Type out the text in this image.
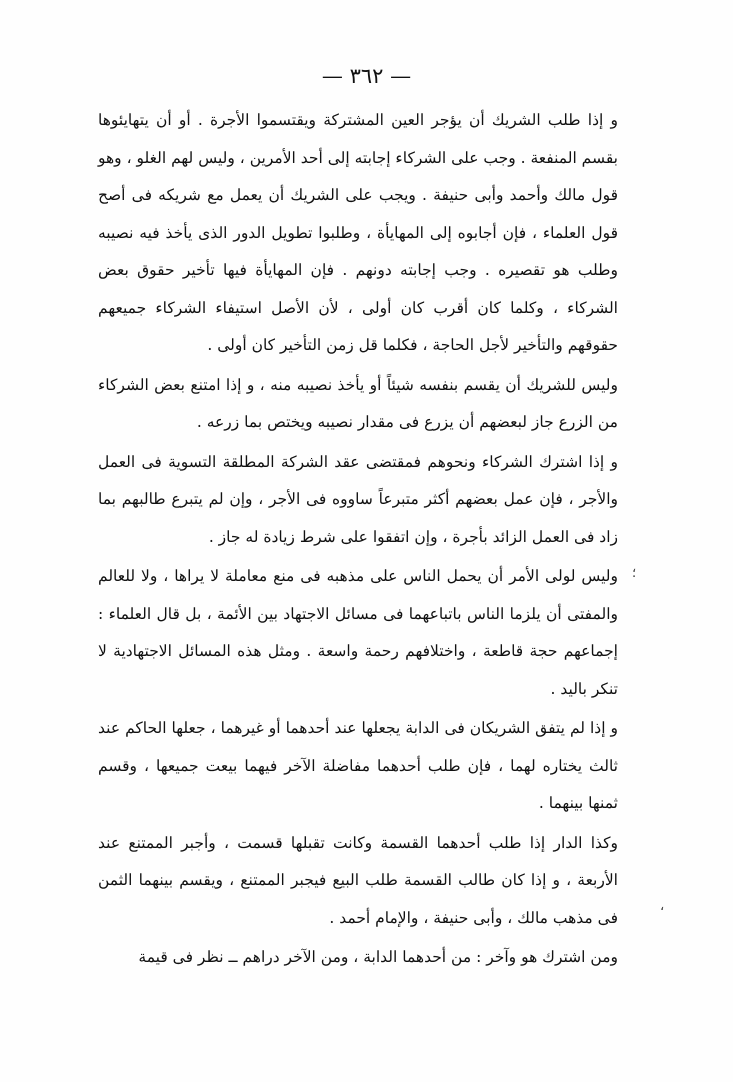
— ٣٦٢ —

و إذا طلب الشريك أن يؤجر العين المشتركة ويقتسموا الأجرة . أو أن يتهايئوها بقسم المنفعة . وجب على الشركاء إجابته إلى أحد الأمرين ، وليس لهم الغلو ، وهو قول مالك وأحمد وأبى حنيفة . ويجب على الشريك أن يعمل مع شريكه فى أصح قول العلماء ، فإن أجابوه إلى المهايأة ، وطلبوا تطويل الدور الذى يأخذ فيه نصيبه وطلب هو تقصيره . وجب إجابته دونهم . فإن المهايأة فيها تأخير حقوق بعض الشركاء ، وكلما كان أقرب كان أولى ، لأن الأصل استيفاء الشركاء جميعهم حقوقهم والتأخير لأجل الحاجة ، فكلما قل زمن التأخير كان أولى .

وليس للشريك أن يقسم بنفسه شيئاً أو يأخذ نصيبه منه ، و إذا امتنع بعض الشركاء من الزرع جاز لبعضهم أن يزرع فى مقدار نصيبه ويختص بما زرعه .

و إذا اشترك الشركاء ونحوهم فمقتضى عقد الشركة المطلقة التسوية فى العمل والأجر ، فإن عمل بعضهم أكثر متبرعاً ساووه فى الأجر ، وإن لم يتبرع طالبهم بما زاد فى العمل الزائد بأجرة ، وإن اتفقوا على شرط زيادة له جاز .

وليس لولى الأمر أن يحمل الناس على مذهبه فى منع معاملة لا يراها ، ولا للعالم والمفتى أن يلزما الناس باتباعهما فى مسائل الاجتهاد بين الأئمة ، بل قال العلماء : إجماعهم حجة قاطعة ، واختلافهم رحمة واسعة . ومثل هذه المسائل الاجتهادية لا تنكر باليد .

و إذا لم يتفق الشريكان فى الدابة يجعلها عند أحدهما أو غيرهما ، جعلها الحاكم عند ثالث يختاره لهما ، فإن طلب أحدهما مفاضلة الآخر فيهما بيعت جميعها ، وقسم ثمنها بينهما .

وكذا الدار إذا طلب أحدهما القسمة وكانت تقبلها قسمت ، وأجبر الممتنع عند الأربعة ، و إذا كان طالب القسمة طلب البيع فيجبر الممتنع ، ويقسم بينهما الثمن فى مذهب مالك ، وأبى حنيفة ، والإمام أحمد .

ومن اشترك هو وآخر : من أحدهما الدابة ، ومن الآخر دراهم ــ نظر فى قيمة

؛
،
